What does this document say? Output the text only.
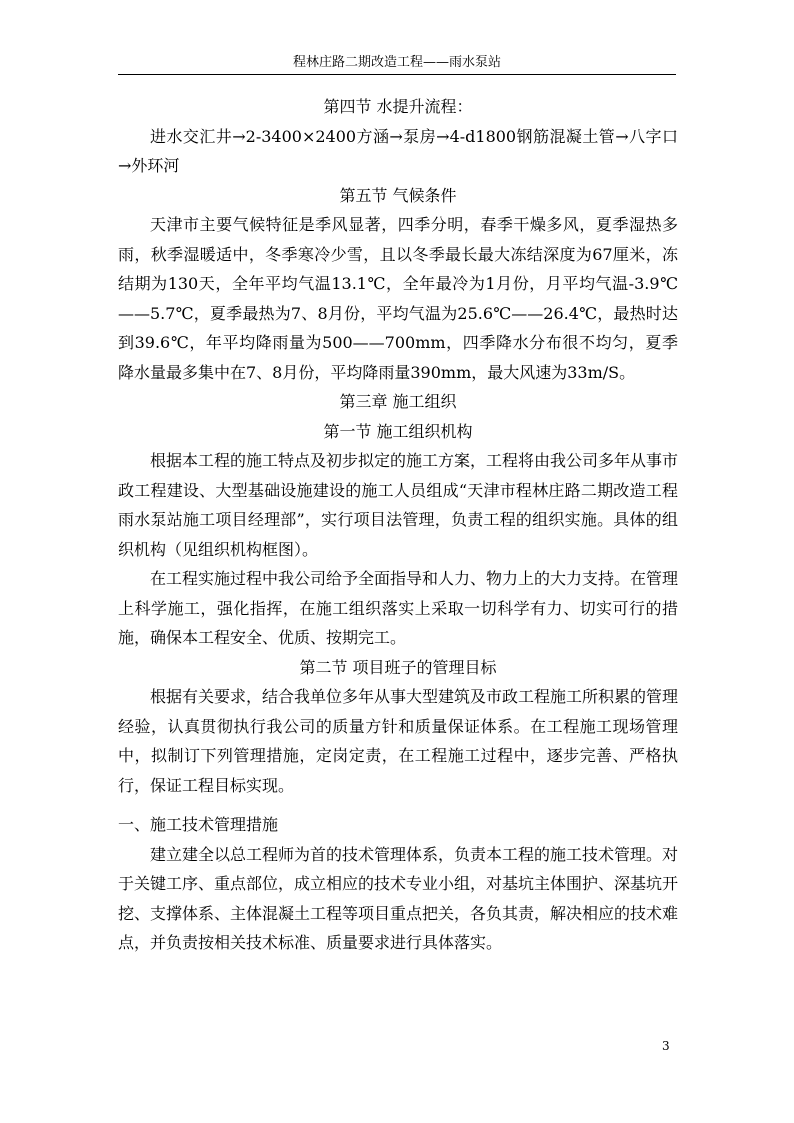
程林庄路二期改造工程——雨水泵站

第四节 水提升流程：

进水交汇井→2-3400×2400方涵→泵房→4-d1800钢筋混凝土管→八字口→外环河

第五节 气候条件

天津市主要气候特征是季风显著，四季分明，春季干燥多风，夏季湿热多雨，秋季湿暖适中，冬季寒冷少雪，且以冬季最长最大冻结深度为67厘米，冻结期为130天，全年平均气温13.1℃，全年最冷为1月份，月平均气温-3.9℃——5.7℃，夏季最热为7、8月份，平均气温为25.6℃——26.4℃，最热时达到39.6℃，年平均降雨量为500——700mm，四季降水分布很不均匀，夏季降水量最多集中在7、8月份，平均降雨量390mm，最大风速为33m/S。

第三章 施工组织

第一节 施工组织机构

根据本工程的施工特点及初步拟定的施工方案，工程将由我公司多年从事市政工程建设、大型基础设施建设的施工人员组成“天津市程林庄路二期改造工程雨水泵站施工项目经理部”，实行项目法管理，负责工程的组织实施。具体的组织机构（见组织机构框图）。

在工程实施过程中我公司给予全面指导和人力、物力上的大力支持。在管理上科学施工，强化指挥，在施工组织落实上采取一切科学有力、切实可行的措施，确保本工程安全、优质、按期完工。

第二节 项目班子的管理目标

根据有关要求，结合我单位多年从事大型建筑及市政工程施工所积累的管理经验，认真贯彻执行我公司的质量方针和质量保证体系。在工程施工现场管理中，拟制订下列管理措施，定岗定责，在工程施工过程中，逐步完善、严格执行，保证工程目标实现。

一、施工技术管理措施

建立建全以总工程师为首的技术管理体系，负责本工程的施工技术管理。对于关键工序、重点部位，成立相应的技术专业小组，对基坑主体围护、深基坑开挖、支撑体系、主体混凝土工程等项目重点把关，各负其责，解决相应的技术难点，并负责按相关技术标准、质量要求进行具体落实。

3
